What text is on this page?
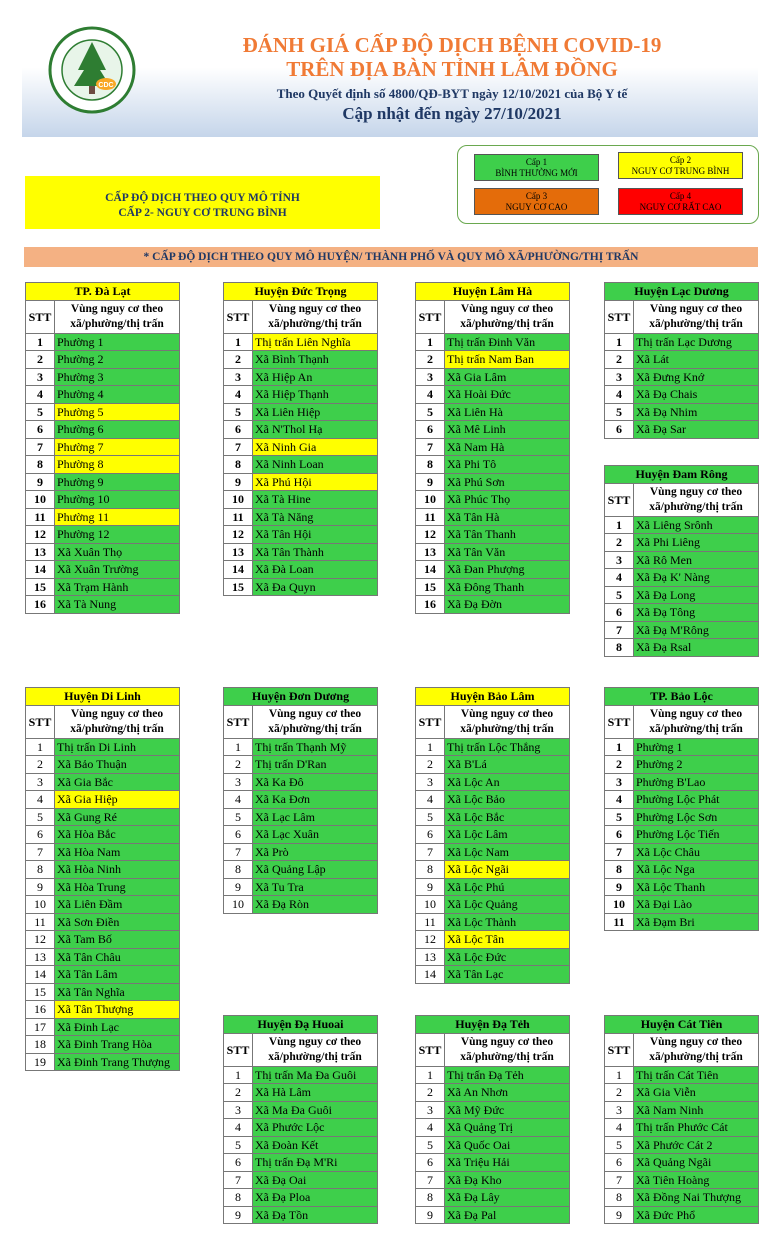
CDC
ĐÁNH GIÁ CẤP ĐỘ DỊCH BỆNH COVID-19
TRÊN ĐỊA BÀN TỈNH LÂM ĐỒNG
Theo Quyết định số 4800/QĐ-BYT ngày 12/10/2021 của Bộ Y tế
Cập nhật đến ngày 27/10/2021
Cấp 1
BÌNH THƯỜNG MỚI
Cấp 2
NGUY CƠ TRUNG BÌNH
Cấp 3
NGUY CƠ CAO
Cấp 4
NGUY CƠ RẤT CAO
CẤP ĐỘ DỊCH THEO QUY MÔ TỈNH
CẤP 2- NGUY CƠ TRUNG BÌNH
* CẤP ĐỘ DỊCH THEO QUY MÔ HUYỆN/ THÀNH PHỐ VÀ QUY MÔ XÃ/PHƯỜNG/THỊ TRẤN
TP. Đà Lạt	
STT	Vùng nguy cơ theo xã/phường/thị trấn
1	Phường 1
2	Phường 2
3	Phường 3
4	Phường 4
5	Phường 5
6	Phường 6
7	Phường 7
8	Phường 8
9	Phường 9
10	Phường 10
11	Phường 11
12	Phường 12
13	Xã Xuân Thọ
14	Xã Xuân Trường
15	Xã Trạm Hành
16	Xã Tà Nung
Huyện Đức Trọng	
STT	Vùng nguy cơ theo xã/phường/thị trấn
1	Thị trấn Liên Nghĩa
2	Xã Bình Thạnh
3	Xã Hiệp An
4	Xã Hiệp Thạnh
5	Xã Liên Hiệp
6	Xã N'Thol Hạ
7	Xã Ninh Gia
8	Xã Ninh Loan
9	Xã Phú Hội
10	Xã Tà Hine
11	Xã Tà Năng
12	Xã Tân Hội
13	Xã Tân Thành
14	Xã Đà Loan
15	Xã Đa Quyn
Huyện Lâm Hà	
STT	Vùng nguy cơ theo xã/phường/thị trấn
1	Thị trấn Đinh Văn
2	Thị trấn Nam Ban
3	Xã Gia Lâm
4	Xã Hoài Đức
5	Xã Liên Hà
6	Xã Mê Linh
7	Xã Nam Hà
8	Xã Phi Tô
9	Xã Phú Sơn
10	Xã Phúc Thọ
11	Xã Tân Hà
12	Xã Tân Thanh
13	Xã Tân Văn
14	Xã Đan Phượng
15	Xã Đông Thanh
16	Xã Đạ Đờn
Huyện Lạc Dương	
STT	Vùng nguy cơ theo xã/phường/thị trấn
1	Thị trấn Lạc Dương
2	Xã Lát
3	Xã Đưng Knớ
4	Xã Đạ Chais
5	Xã Đạ Nhim
6	Xã Đạ Sar
Huyện Đam Rông	
STT	Vùng nguy cơ theo xã/phường/thị trấn
1	Xã Liêng Srônh
2	Xã Phi Liêng
3	Xã Rô Men
4	Xã Đạ K' Nàng
5	Xã Đạ Long
6	Xã Đạ Tông
7	Xã Đạ M'Rông
8	Xã Đạ Rsal
Huyện Di Linh	
STT	Vùng nguy cơ theo xã/phường/thị trấn
1	Thị trấn Di Linh
2	Xã Bảo Thuận
3	Xã Gia Bắc
4	Xã Gia Hiệp
5	Xã Gung Ré
6	Xã Hòa Bắc
7	Xã Hòa Nam
8	Xã Hòa Ninh
9	Xã Hòa Trung
10	Xã Liên Đầm
11	Xã Sơn Điền
12	Xã Tam Bố
13	Xã Tân Châu
14	Xã Tân Lâm
15	Xã Tân Nghĩa
16	Xã Tân Thượng
17	Xã Đinh Lạc
18	Xã Đinh Trang Hòa
19	Xã Đinh Trang Thượng
Huyện Đơn Dương	
STT	Vùng nguy cơ theo xã/phường/thị trấn
1	Thị trấn Thạnh Mỹ
2	Thị trấn D'Ran
3	Xã Ka Đô
4	Xã Ka Đơn
5	Xã Lạc Lâm
6	Xã Lạc Xuân
7	Xã Prò
8	Xã Quảng Lập
9	Xã Tu Tra
10	Xã Đạ Ròn
Huyện Bảo Lâm	
STT	Vùng nguy cơ theo xã/phường/thị trấn
1	Thị trấn Lộc Thắng
2	Xã B'Lá
3	Xã Lộc An
4	Xã Lộc Bảo
5	Xã Lộc Bắc
6	Xã Lộc Lâm
7	Xã Lộc Nam
8	Xã Lộc Ngãi
9	Xã Lộc Phú
10	Xã Lộc Quảng
11	Xã Lộc Thành
12	Xã Lộc Tân
13	Xã Lộc Đức
14	Xã Tân Lạc
TP. Bảo Lộc	
STT	Vùng nguy cơ theo xã/phường/thị trấn
1	Phường 1
2	Phường 2
3	Phường B'Lao
4	Phường Lộc Phát
5	Phường Lộc Sơn
6	Phường Lộc Tiến
7	Xã Lộc Châu
8	Xã Lộc Nga
9	Xã Lộc Thanh
10	Xã Đại Lào
11	Xã Đạm Bri
Huyện Đạ Huoai	
STT	Vùng nguy cơ theo xã/phường/thị trấn
1	Thị trấn Ma Đa Guôi
2	Xã Hà Lâm
3	Xã Ma Đa Guôi
4	Xã Phước Lộc
5	Xã Đoàn Kết
6	Thị trấn Đạ M'Ri
7	Xã Đạ Oai
8	Xã Đạ Ploa
9	Xã Đạ Tồn
Huyện Đạ Tẻh	
STT	Vùng nguy cơ theo xã/phường/thị trấn
1	Thị trấn Đạ Tẻh
2	Xã An Nhơn
3	Xã Mỹ Đức
4	Xã Quảng Trị
5	Xã Quốc Oai
6	Xã Triệu Hải
7	Xã Đạ Kho
8	Xã Đạ Lây
9	Xã Đạ Pal
Huyện Cát Tiên	
STT	Vùng nguy cơ theo xã/phường/thị trấn
1	Thị trấn Cát Tiên
2	Xã Gia Viễn
3	Xã Nam Ninh
4	Thị trấn Phước Cát
5	Xã Phước Cát 2
6	Xã Quảng Ngãi
7	Xã Tiên Hoàng
8	Xã Đồng Nai Thượng
9	Xã Đức Phổ
